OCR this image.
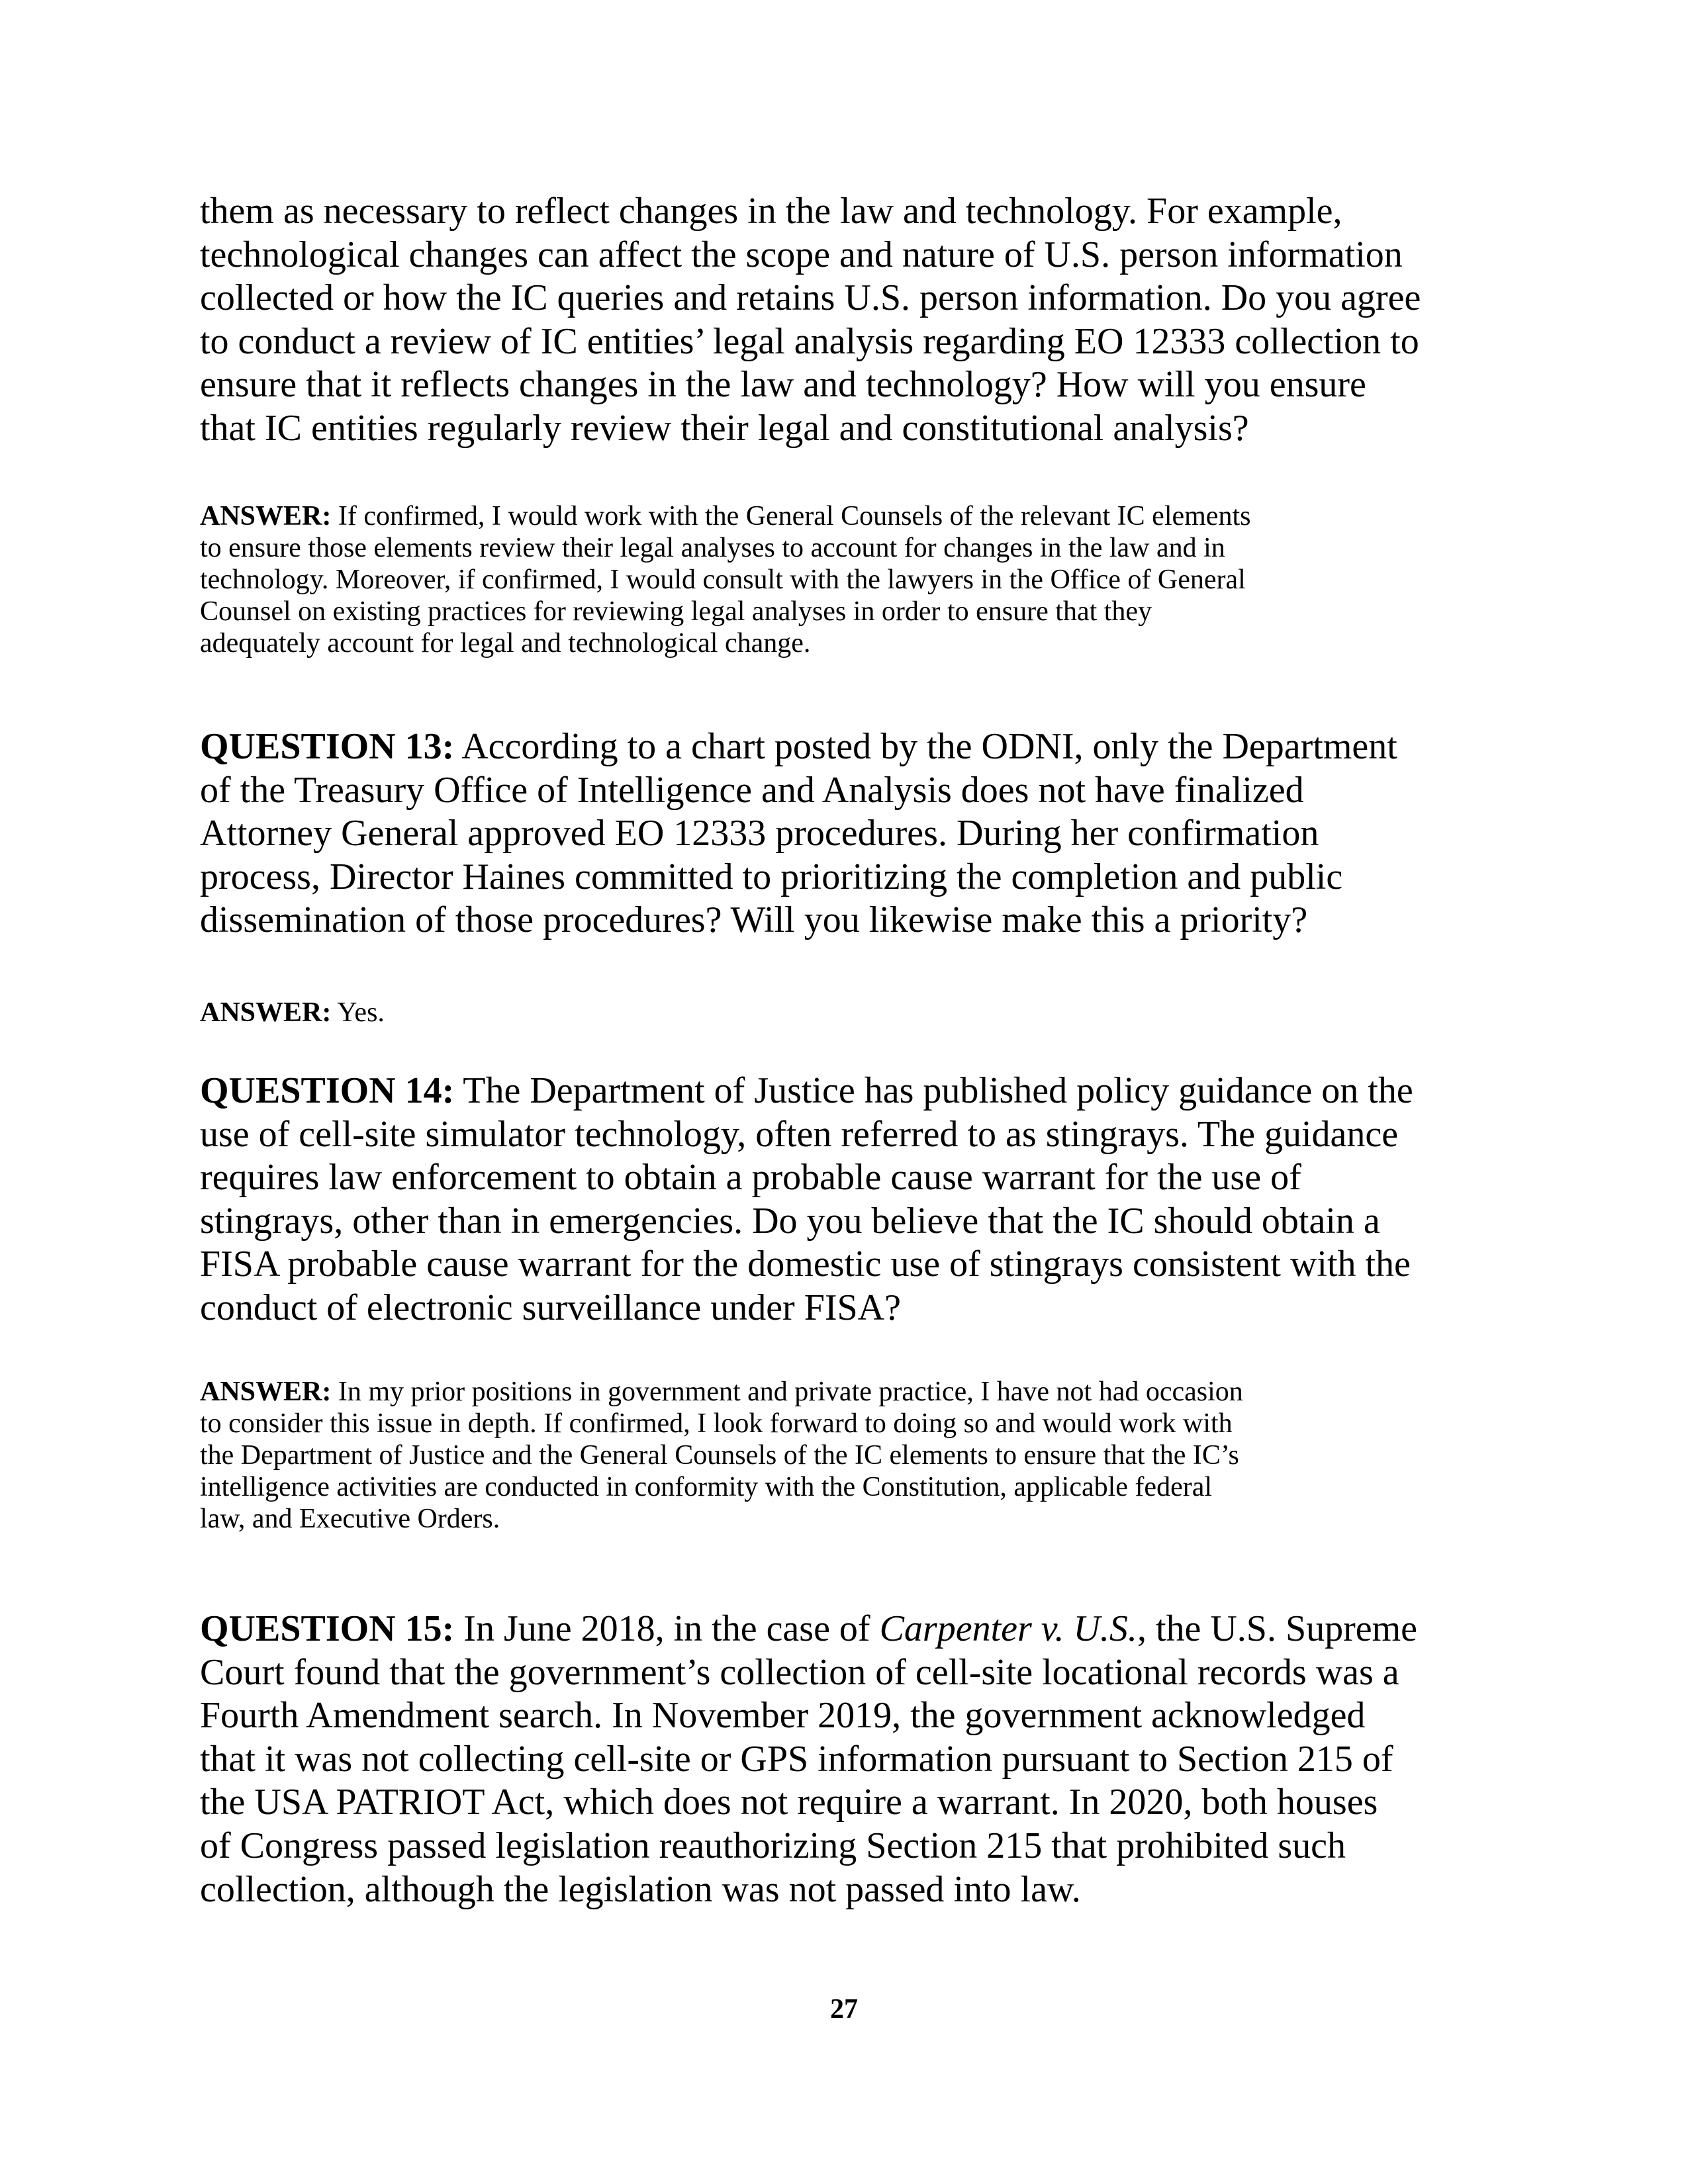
them as necessary to reflect changes in the law and technology. For example,
technological changes can affect the scope and nature of U.S. person information
collected or how the IC queries and retains U.S. person information. Do you agree
to conduct a review of IC entities’ legal analysis regarding EO 12333 collection to
ensure that it reflects changes in the law and technology? How will you ensure
that IC entities regularly review their legal and constitutional analysis?
ANSWER: If confirmed, I would work with the General Counsels of the relevant IC elements
to ensure those elements review their legal analyses to account for changes in the law and in
technology. Moreover, if confirmed, I would consult with the lawyers in the Office of General
Counsel on existing practices for reviewing legal analyses in order to ensure that they
adequately account for legal and technological change.
QUESTION 13: According to a chart posted by the ODNI, only the Department
of the Treasury Office of Intelligence and Analysis does not have finalized
Attorney General approved EO 12333 procedures. During her confirmation
process, Director Haines committed to prioritizing the completion and public
dissemination of those procedures? Will you likewise make this a priority?
ANSWER: Yes.
QUESTION 14: The Department of Justice has published policy guidance on the
use of cell-site simulator technology, often referred to as stingrays. The guidance
requires law enforcement to obtain a probable cause warrant for the use of
stingrays, other than in emergencies. Do you believe that the IC should obtain a
FISA probable cause warrant for the domestic use of stingrays consistent with the
conduct of electronic surveillance under FISA?
ANSWER: In my prior positions in government and private practice, I have not had occasion
to consider this issue in depth. If confirmed, I look forward to doing so and would work with
the Department of Justice and the General Counsels of the IC elements to ensure that the IC’s
intelligence activities are conducted in conformity with the Constitution, applicable federal
law, and Executive Orders.
QUESTION 15: In June 2018, in the case of Carpenter v. U.S., the U.S. Supreme
Court found that the government’s collection of cell-site locational records was a
Fourth Amendment search. In November 2019, the government acknowledged
that it was not collecting cell-site or GPS information pursuant to Section 215 of
the USA PATRIOT Act, which does not require a warrant. In 2020, both houses
of Congress passed legislation reauthorizing Section 215 that prohibited such
collection, although the legislation was not passed into law.
27
